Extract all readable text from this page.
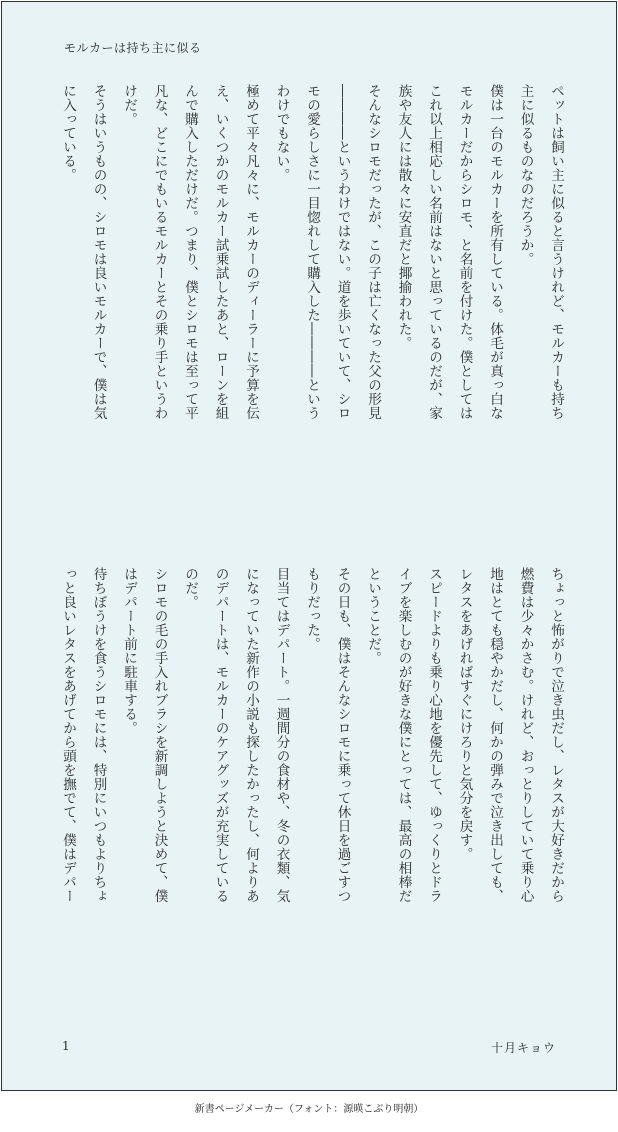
モルカーは持ち主に似る
ペットは飼い主に似ると言うけれど、モルカーも持ち
主に似るものなのだろうか。
僕は一台のモルカーを所有している。体毛が真っ白な
モルカーだからシロモ、と名前を付けた。僕としては
これ以上相応しい名前はないと思っているのだが、家
族や友人には散々に安直だと揶揄われた。
そんなシロモだったが、この子は亡くなった父の形見
――――というわけではない。道を歩いていて、シロ
モの愛らしさに一目惚れして購入した――――という
わけでもない。
極めて平々凡々に、モルカーのディーラーに予算を伝
え、いくつかのモルカー試乗試したあと、ローンを組
んで購入しただけだ。つまり、僕とシロモは至って平
凡な、どこにでもいるモルカーとその乗り手というわ
けだ。
そうはいうものの、シロモは良いモルカーで、僕は気
に入っている。
ちょっと怖がりで泣き虫だし、レタスが大好きだから
燃費は少々かさむ。けれど、おっとりしていて乗り心
地はとても穏やかだし、何かの弾みで泣き出しても、
レタスをあげればすぐにけろりと気分を戻す。
スピードよりも乗り心地を優先して、ゆっくりとドラ
イブを楽しむのが好きな僕にとっては、最高の相棒だ
ということだ。
その日も、僕はそんなシロモに乗って休日を過ごすつ
もりだった。
目当てはデパート。一週間分の食材や、冬の衣類、気
になっていた新作の小説も探したかったし、何よりあ
のデパートは、モルカーのケアグッズが充実している
のだ。
シロモの毛の手入れブラシを新調しようと決めて、僕
はデパート前に駐車する。
待ちぼうけを食うシロモには、特別にいつもよりちょ
っと良いレタスをあげてから頭を撫でて、僕はデパー
1	十月キョウ
新書ページメーカー（フォント：源暎こぶり明朝）
